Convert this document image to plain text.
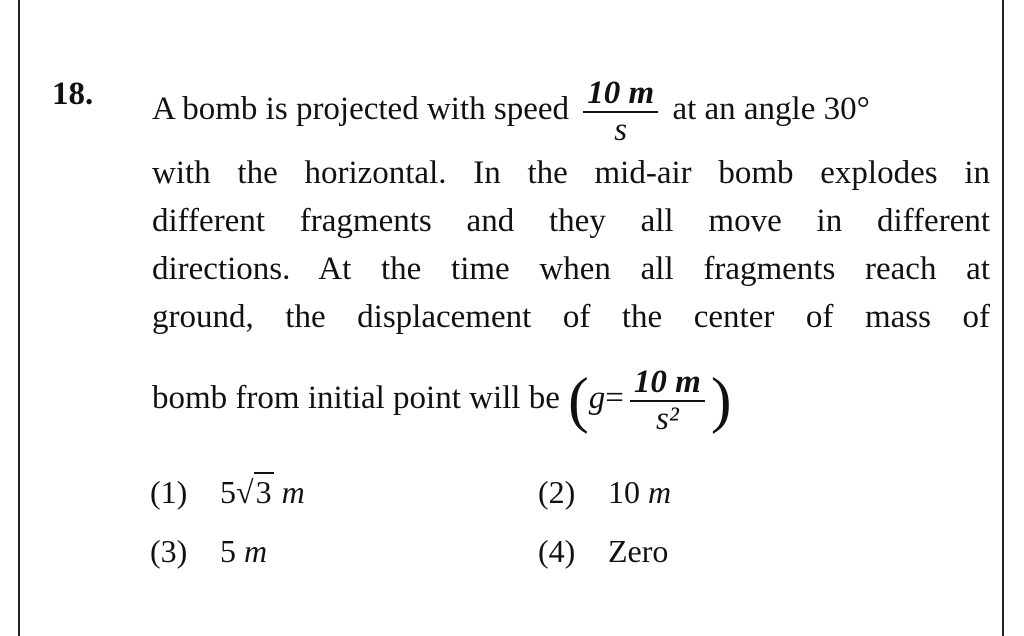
18. A bomb is projected with speed $\frac{10 m}{s}$ at an angle 30°
with the horizontal. In the mid-air bomb explodes in
different fragments and they all move in different
directions. At the time when all fragments reach at
ground, the displacement of the center of mass of
bomb from initial point will be ($g= \frac{10 m}{\text{s²}}$ )
(1) 5√3 m	(2) 10 m
(3) 5 m	(4) Zero
